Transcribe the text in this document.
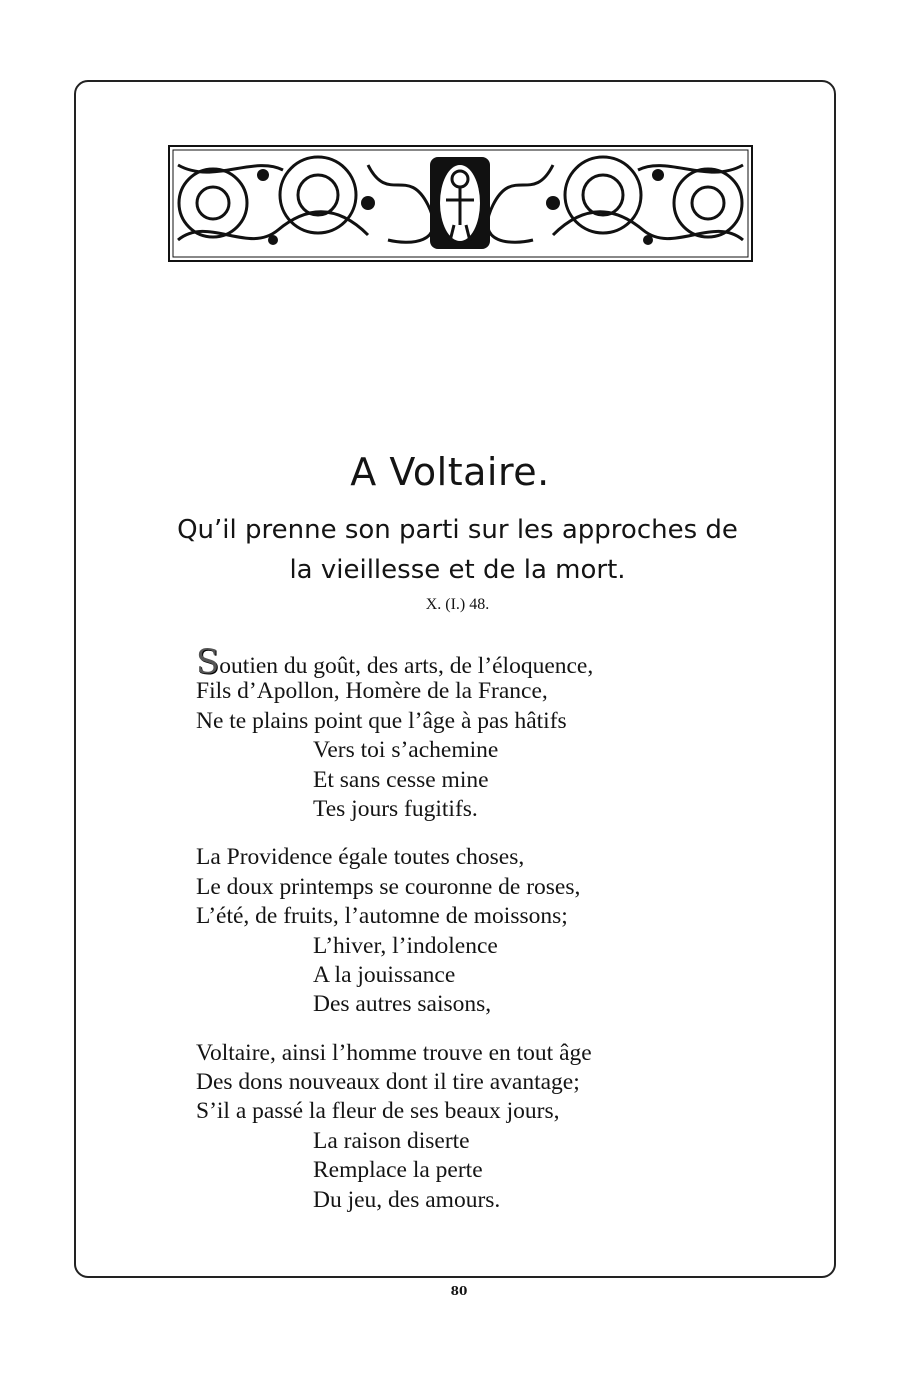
A Voltaire.
Qu’il prenne son parti sur les approches de
la vieillesse et de la mort.
X. (I.) 48.
Soutien du goût, des arts, de l’éloquence,
Fils d’Apollon, Homère de la France,
Ne te plains point que l’âge à pas hâtifs
Vers toi s’achemine
Et sans cesse mine
Tes jours fugitifs.
La Providence égale toutes choses,
Le doux printemps se couronne de roses,
L’été, de fruits, l’automne de moissons;
L’hiver, l’indolence
A la jouissance
Des autres saisons,
Voltaire, ainsi l’homme trouve en tout âge
Des dons nouveaux dont il tire avantage;
S’il a passé la fleur de ses beaux jours,
La raison diserte
Remplace la perte
Du jeu, des amours.
80
